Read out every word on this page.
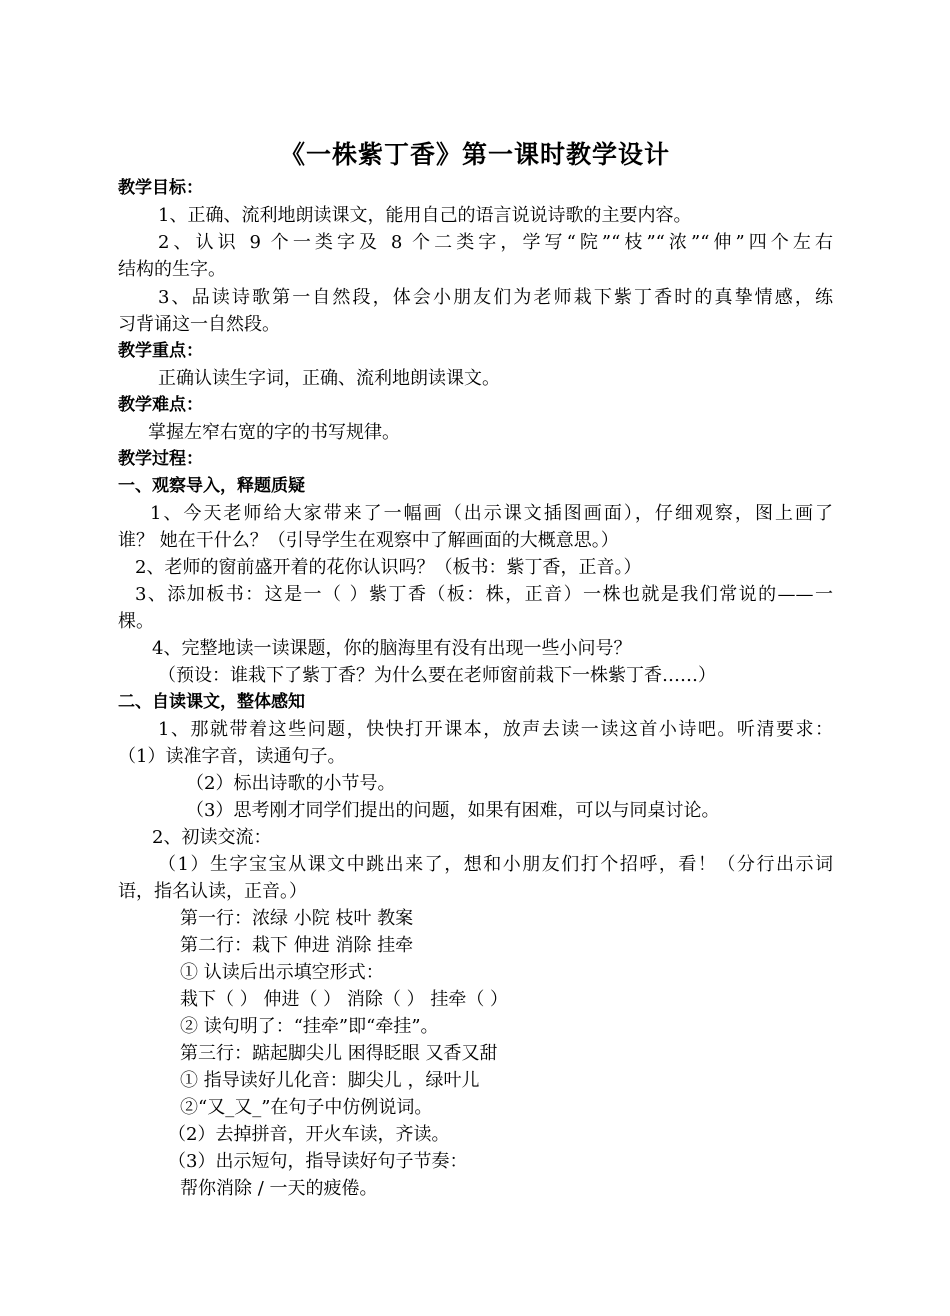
《一株紫丁香》第一课时教学设计
教学目标：
1、正确、流利地朗读课文，能用自己的语言说说诗歌的主要内容。
2、认识 9 个一类字及 8 个二类字，学写“院”“枝”“浓”“伸”四个左右
结构的生字。
3、品读诗歌第一自然段，体会小朋友们为老师栽下紫丁香时的真挚情感，练
习背诵这一自然段。
教学重点：
正确认读生字词，正确、流利地朗读课文。
教学难点：
掌握左窄右宽的字的书写规律。
教学过程：
一、观察导入，释题质疑
1、今天老师给大家带来了一幅画（出示课文插图画面），仔细观察，图上画了
谁？ 她在干什么？（引导学生在观察中了解画面的大概意思。）
2、老师的窗前盛开着的花你认识吗？（板书：紫丁香，正音。）
3、添加板书：这是一（ ）紫丁香（板：株，正音）一株也就是我们常说的——一
棵。
4、完整地读一读课题，你的脑海里有没有出现一些小问号？
（预设：谁栽下了紫丁香？为什么要在老师窗前栽下一株紫丁香……）
二、自读课文，整体感知
1、那就带着这些问题，快快打开课本，放声去读一读这首小诗吧。听清要求：
（1）读准字音，读通句子。
（2）标出诗歌的小节号。
（3）思考刚才同学们提出的问题，如果有困难，可以与同桌讨论。
2、初读交流：
（1）生字宝宝从课文中跳出来了，想和小朋友们打个招呼，看！（分行出示词
语，指名认读，正音。）
第一行：浓绿 小院 枝叶 教案
第二行：栽下 伸进 消除 挂牵
① 认读后出示填空形式：
栽下（ ） 伸进（ ） 消除（ ） 挂牵（ ）
② 读句明了：“挂牵”即“牵挂”。
第三行：踮起脚尖儿 困得眨眼 又香又甜
① 指导读好儿化音：脚尖儿 ，绿叶儿
②“又_又_”在句子中仿例说词。
（2）去掉拼音，开火车读，齐读。
（3）出示短句，指导读好句子节奏：
帮你消除 / 一天的疲倦。
